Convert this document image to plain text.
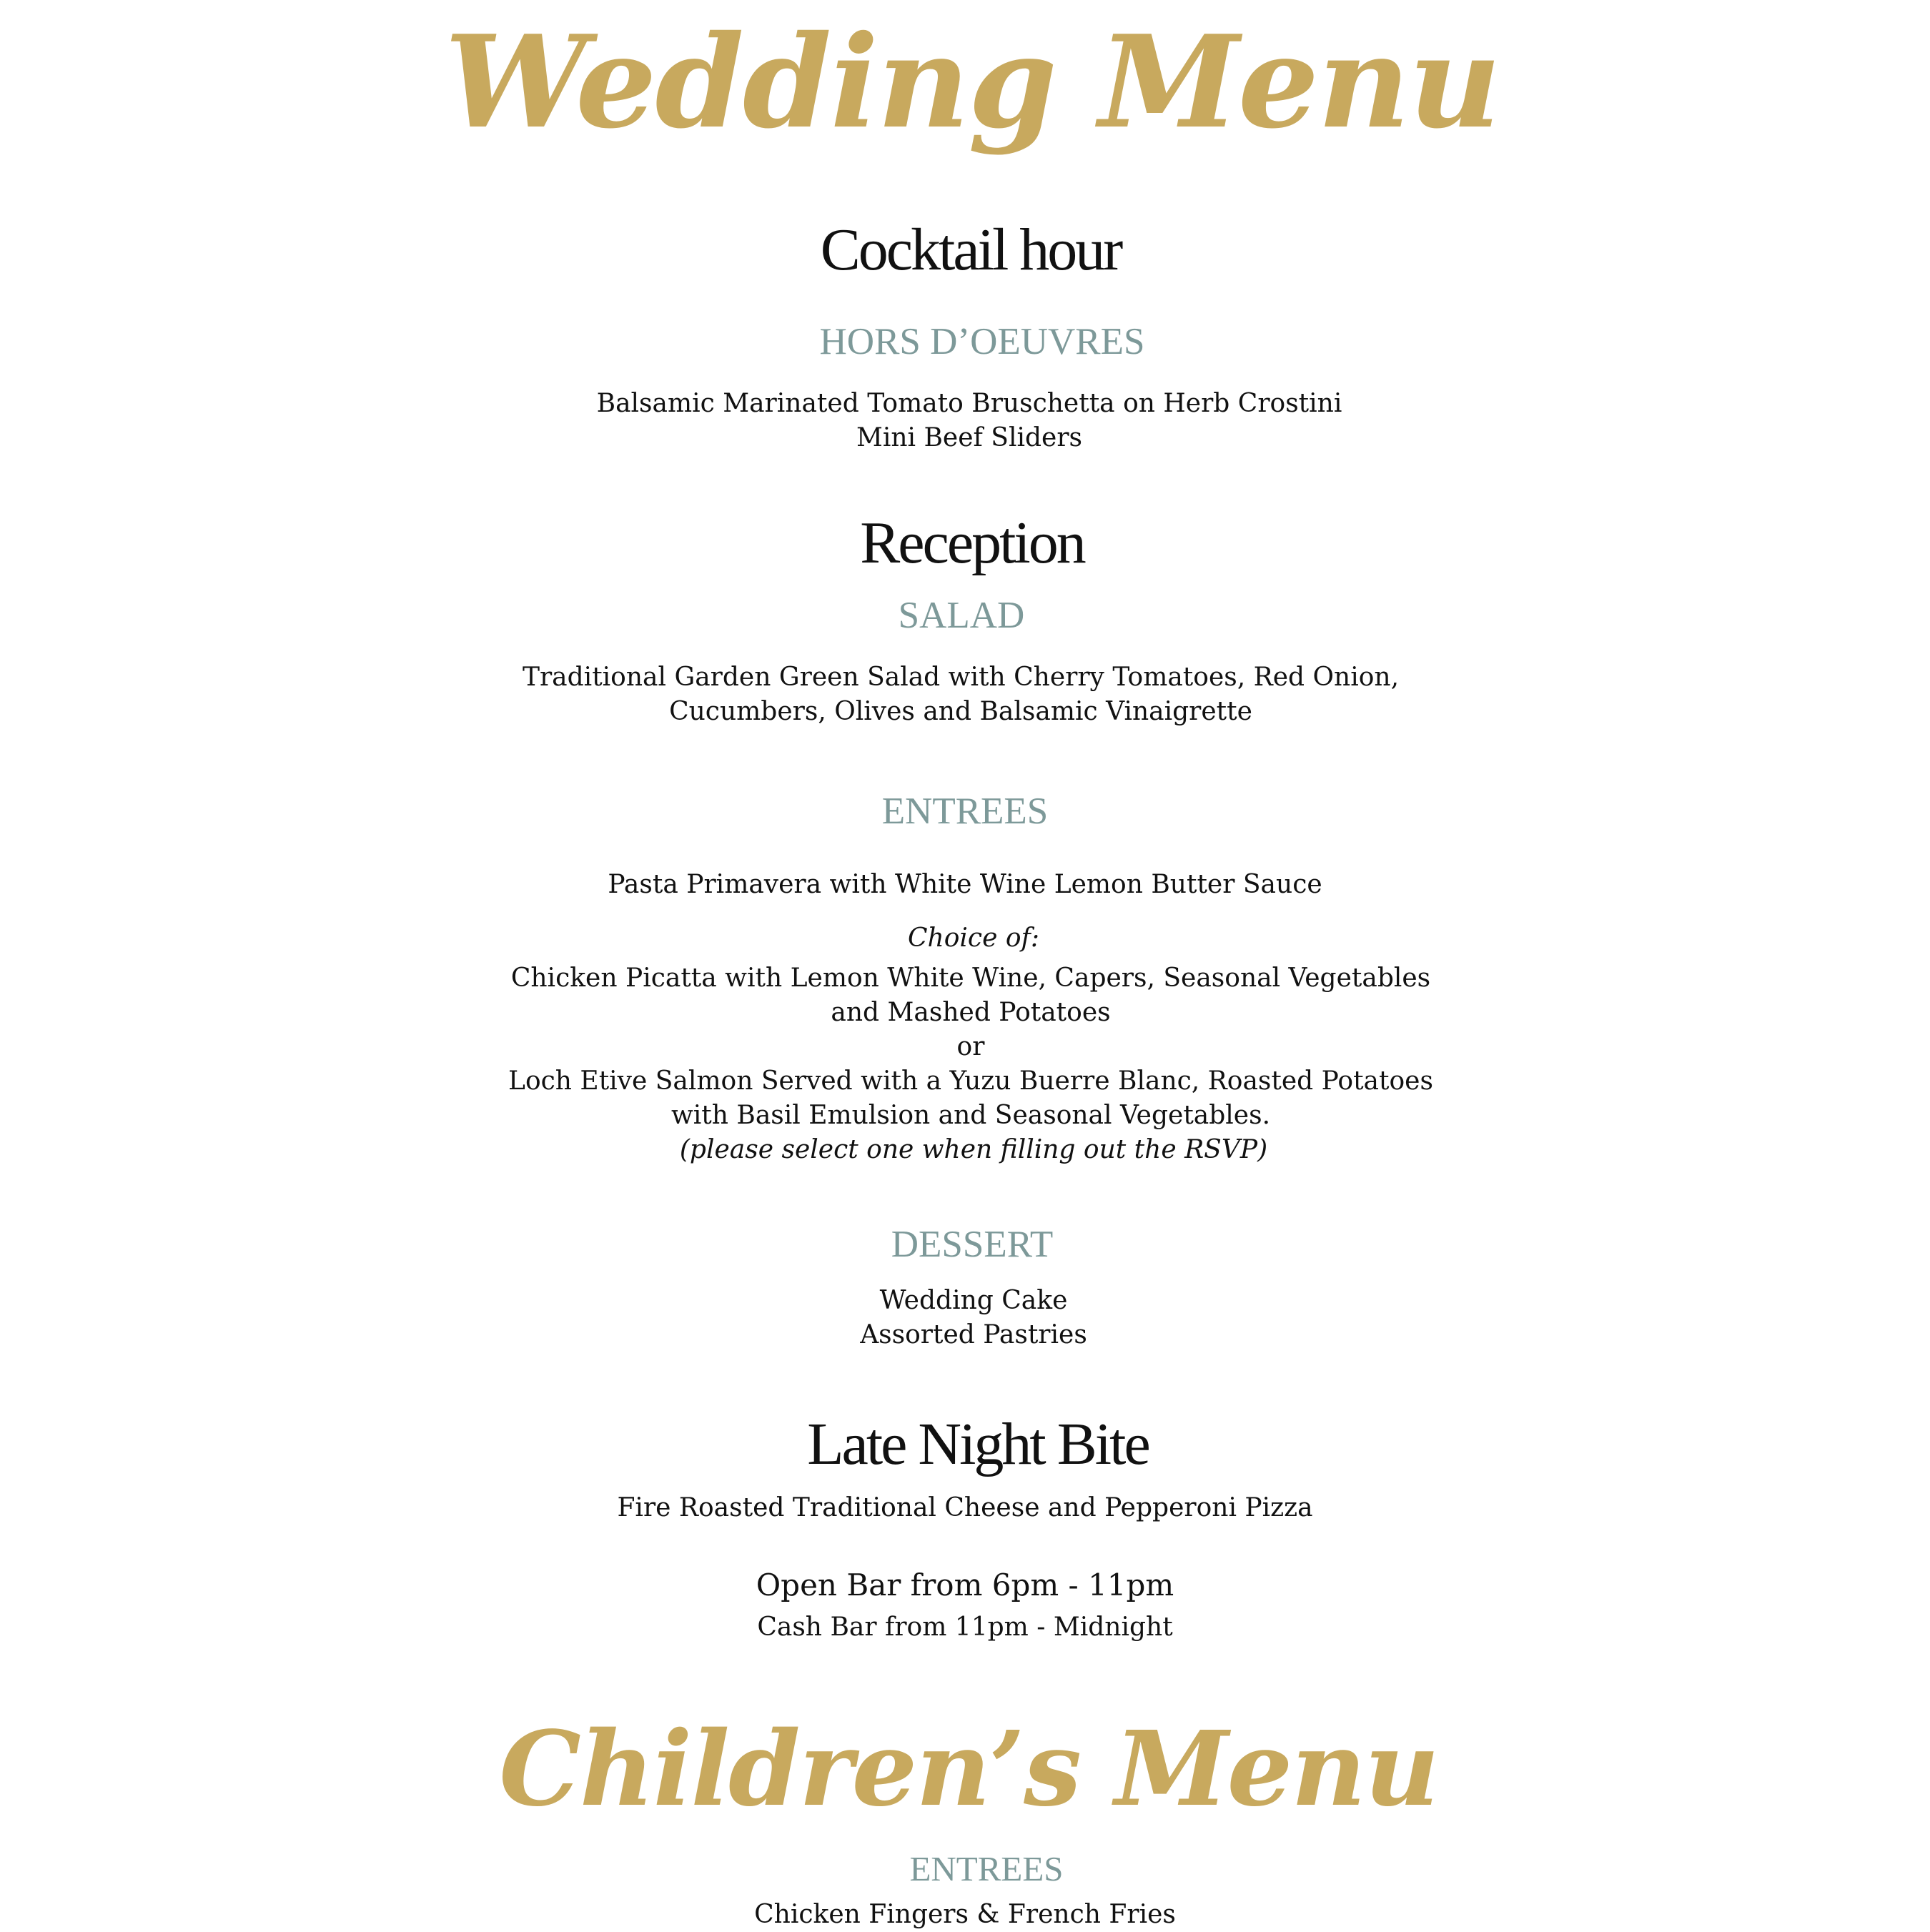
Wedding Menu
Cocktail hour
HORS D’OEUVRES
Balsamic Marinated Tomato Bruschetta on Herb Crostini
Mini Beef Sliders
Reception
SALAD
Traditional Garden Green Salad with Cherry Tomatoes, Red Onion,
Cucumbers, Olives and Balsamic Vinaigrette
ENTREES
Pasta Primavera with White Wine Lemon Butter Sauce
Choice of:
Chicken Picatta with Lemon White Wine, Capers, Seasonal Vegetables
and Mashed Potatoes
or
Loch Etive Salmon Served with a Yuzu Buerre Blanc, Roasted Potatoes
with Basil Emulsion and Seasonal Vegetables.
(please select one when filling out the RSVP)
DESSERT
Wedding Cake
Assorted Pastries
Late Night Bite
Fire Roasted Traditional Cheese and Pepperoni Pizza
Open Bar from 6pm - 11pm
Cash Bar from 11pm - Midnight
Children’s Menu
ENTREES
Chicken Fingers & French Fries
